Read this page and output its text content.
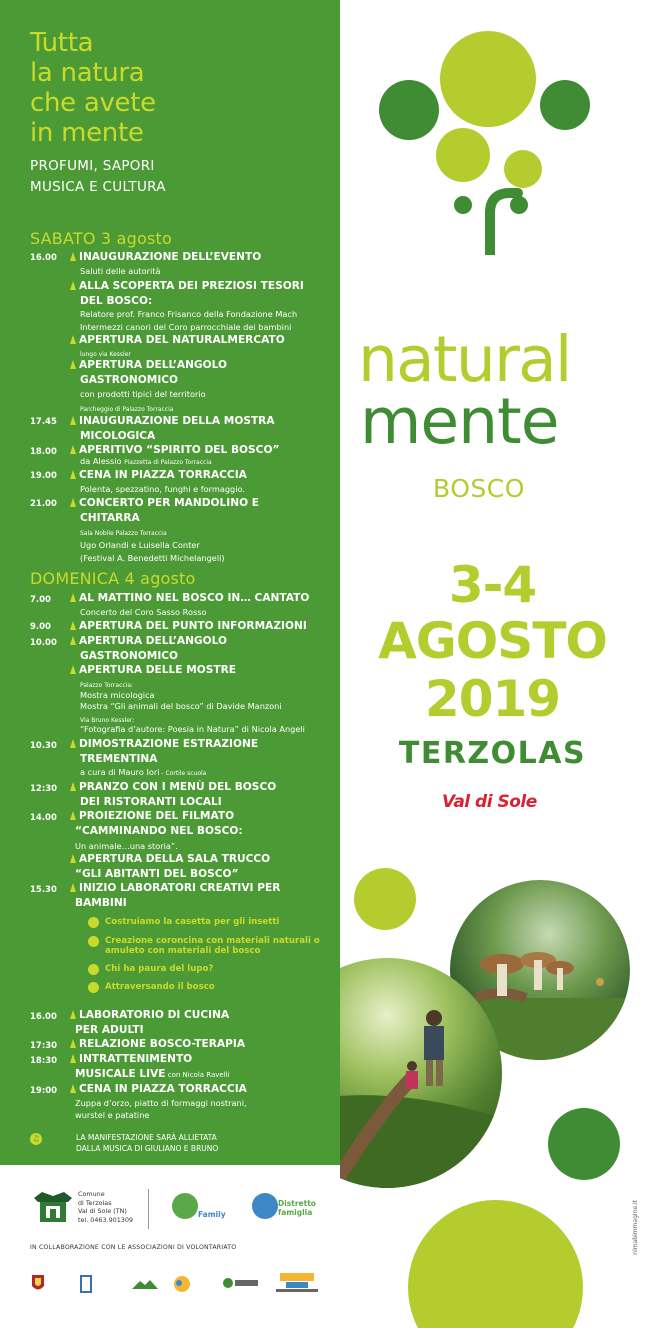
Tutta
la natura
che avete
in mente
PROFUMI, SAPORI
MUSICA E CULTURA
SABATO 3 agosto
16.00	INAUGURAZIONE DELL’EVENTO
Saluti delle autorità
ALLA SCOPERTA DEI PREZIOSI TESORI
DEL BOSCO:
Relatore prof. Franco Frisanco della Fondazione Mach
Intermezzi canori del Coro parrocchiale dei bambini
APERTURA DEL NATURALMERCATO
lungo via Kessler
APERTURA DELL’ANGOLO
GASTRONOMICO
con prodotti tipici del territorio
Parcheggio di Palazzo Torraccia
17.45	INAUGURAZIONE DELLA MOSTRA
MICOLOGICA
18.00	APERITIVO “SPIRITO DEL BOSCO”
da Alessio Piazzetta di Palazzo Torraccia
19.00	CENA IN PIAZZA TORRACCIA
Polenta, spezzatino, funghi e formaggio.
21.00	CONCERTO PER MANDOLINO E
CHITARRA
Sala Nobile Palazzo Torraccia
Ugo Orlandi e Luisella Conter
(Festival A. Benedetti Michelangeli)
DOMENICA 4 agosto
7.00	AL MATTINO NEL BOSCO IN… CANTATO
Concerto del Coro Sasso Rosso
9.00	APERTURA DEL PUNTO INFORMAZIONI
10.00	APERTURA DELL’ANGOLO
GASTRONOMICO
APERTURA DELLE MOSTRE
Palazzo Torraccia:
Mostra micologica
Mostra “Gli animali del bosco” di Davide Manzoni
Via Bruno Kessler:
“Fotografia d’autore: Poesia in Natura” di Nicola Angeli
10.30	DIMOSTRAZIONE ESTRAZIONE
TREMENTINA
a cura di Mauro Iori - Cortile scuola
12:30	PRANZO CON I MENÙ DEL BOSCO
DEI RISTORANTI LOCALI
14.00	PROIEZIONE DEL FILMATO
“CAMMINANDO NEL BOSCO:
Un animale…una storia”.
APERTURA DELLA SALA TRUCCO
“GLI ABITANTI DEL BOSCO”
15.30	INIZIO LABORATORI CREATIVI PER
BAMBINI
Costruiamo la casetta per gli insetti
Creazione coroncina con materiali naturali o amuleto con materiali del bosco
Chi ha paura del lupo?
Attraversando il bosco
16.00	LABORATORIO DI CUCINA
PER ADULTI
17:30	RELAZIONE BOSCO-TERAPIA
18:30	INTRATTENIMENTO
MUSICALE LIVE con Nicola Ravelli
19:00	CENA IN PIAZZA TORRACCIA
Zuppa d’orzo, piatto di formaggi nostrani,
wurstel e patatine
♫	LA MANIFESTAZIONE SARÀ ALLIETATA
DALLA MUSICA DI GIULIANO E BRUNO
Comune
di Terzolas
Val di Sole (TN)
tel. 0463.901309
Family
Distretto
famiglia
IN COLLABORAZIONE CON LE ASSOCIAZIONI DI VOLONTARIATO
natural
mente
BOSCO
3-4
AGOSTO
2019
TERZOLAS
Val di Sole
nlmabimmagine.it
